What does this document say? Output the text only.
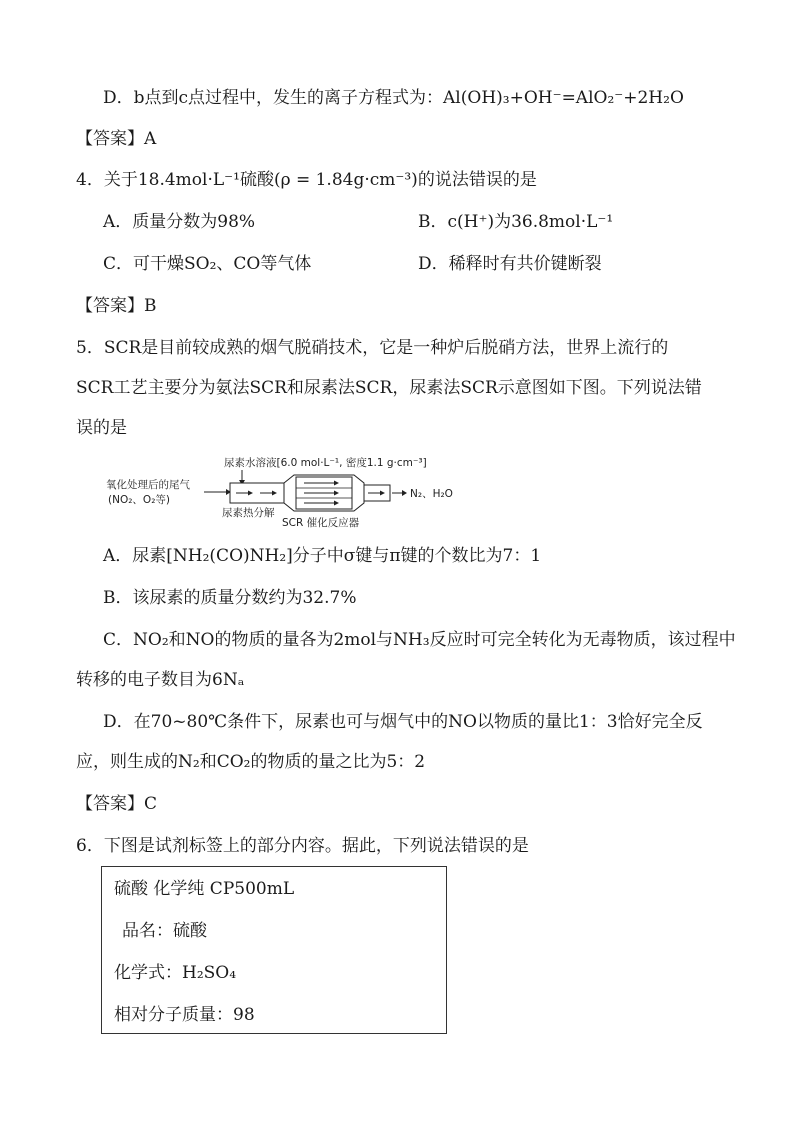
D．b点到c点过程中，发生的离子方程式为：Al(OH)₃+OH⁻=AlO₂⁻+2H₂O
【答案】A
4．关于18.4mol·L⁻¹硫酸(ρ = 1.84g·cm⁻³)的说法错误的是
A．质量分数为98%	B．c(H⁺)为36.8mol·L⁻¹
C．可干燥SO₂、CO等气体	D．稀释时有共价键断裂
【答案】B
5．SCR是目前较成熟的烟气脱硝技术，它是一种炉后脱硝方法，世界上流行的
SCR工艺主要分为氨法SCR和尿素法SCR，尿素法SCR示意图如下图。下列说法错
误的是
尿素水溶液[6.0 mol·L⁻¹, 密度1.1 g·cm⁻³]
氧化处理后的尾气
(NO₂、O₂等)	N₂、H₂O
尿素热分解
SCR 催化反应器
A．尿素[NH₂(CO)NH₂]分子中σ键与π键的个数比为7：1
B．该尿素的质量分数约为32.7%
C．NO₂和NO的物质的量各为2mol与NH₃反应时可完全转化为无毒物质，该过程中
转移的电子数目为6Nₐ
D．在70~80℃条件下，尿素也可与烟气中的NO以物质的量比1：3恰好完全反
应，则生成的N₂和CO₂的物质的量之比为5：2
【答案】C
6．下图是试剂标签上的部分内容。据此，下列说法错误的是
硫酸 化学纯 CP500mL
品名：硫酸
化学式：H₂SO₄
相对分子质量：98
